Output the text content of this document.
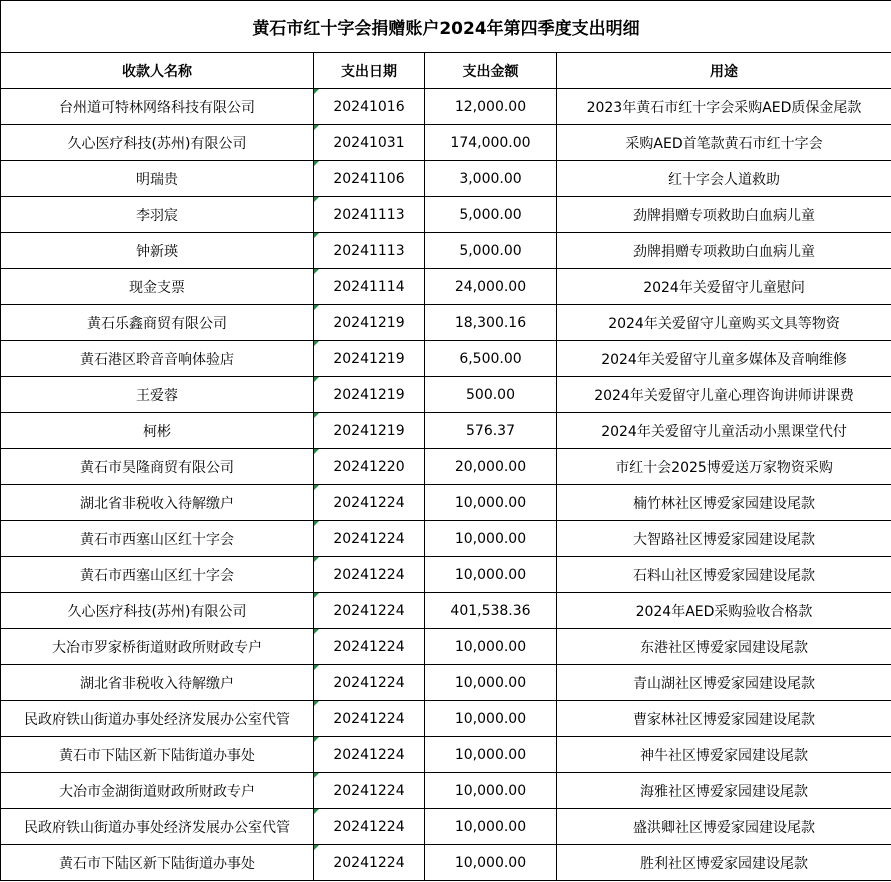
黄石市红十字会捐赠账户2024年第四季度支出明细			
收款人名称	支出日期	支出金额	用途
台州道可特林网络科技有限公司	20241016	12,000.00	2023年黄石市红十字会采购AED质保金尾款
久心医疗科技(苏州)有限公司	20241031	174,000.00	采购AED首笔款黄石市红十字会
明瑞贵	20241106	3,000.00	红十字会人道救助
李羽宸	20241113	5,000.00	劲牌捐赠专项救助白血病儿童
钟新瑛	20241113	5,000.00	劲牌捐赠专项救助白血病儿童
现金支票	20241114	24,000.00	2024年关爱留守儿童慰问
黄石乐鑫商贸有限公司	20241219	18,300.16	2024年关爱留守儿童购买文具等物资
黄石港区聆音音响体验店	20241219	6,500.00	2024年关爱留守儿童多媒体及音响维修
王爱蓉	20241219	500.00	2024年关爱留守儿童心理咨询讲师讲课费
柯彬	20241219	576.37	2024年关爱留守儿童活动小黑课堂代付
黄石市昊隆商贸有限公司	20241220	20,000.00	市红十会2025博爱送万家物资采购
湖北省非税收入待解缴户	20241224	10,000.00	楠竹林社区博爱家园建设尾款
黄石市西塞山区红十字会	20241224	10,000.00	大智路社区博爱家园建设尾款
黄石市西塞山区红十字会	20241224	10,000.00	石料山社区博爱家园建设尾款
久心医疗科技(苏州)有限公司	20241224	401,538.36	2024年AED采购验收合格款
大冶市罗家桥街道财政所财政专户	20241224	10,000.00	东港社区博爱家园建设尾款
湖北省非税收入待解缴户	20241224	10,000.00	青山湖社区博爱家园建设尾款
民政府铁山街道办事处经济发展办公室代管	20241224	10,000.00	曹家林社区博爱家园建设尾款
黄石市下陆区新下陆街道办事处	20241224	10,000.00	神牛社区博爱家园建设尾款
大冶市金湖街道财政所财政专户	20241224	10,000.00	海雅社区博爱家园建设尾款
民政府铁山街道办事处经济发展办公室代管	20241224	10,000.00	盛洪卿社区博爱家园建设尾款
黄石市下陆区新下陆街道办事处	20241224	10,000.00	胜利社区博爱家园建设尾款
